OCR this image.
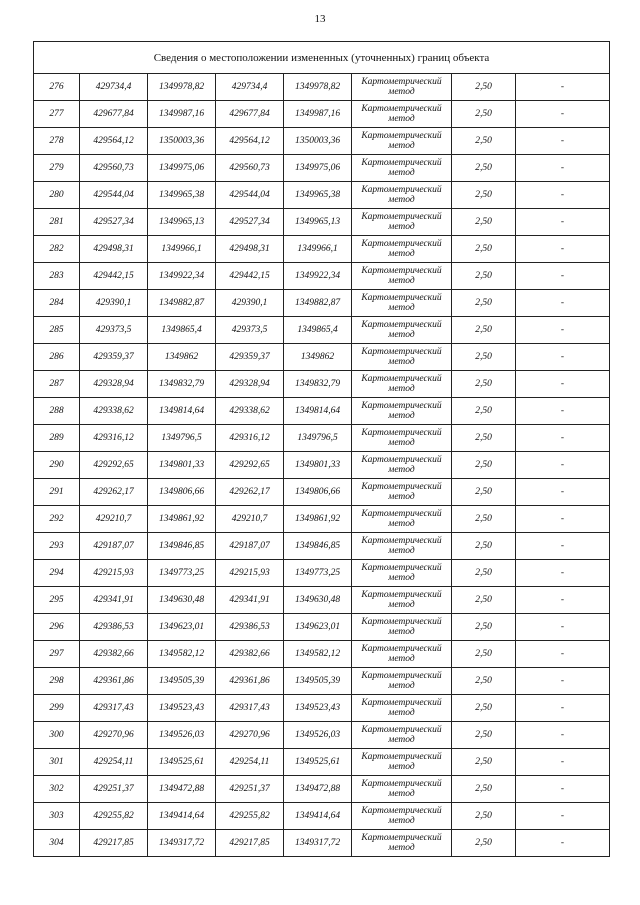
13
Сведения о местоположении измененных (уточненных) границ объекта							
276	429734,4	1349978,82	429734,4	1349978,82	Картометрический
метод	2,50	-
277	429677,84	1349987,16	429677,84	1349987,16	Картометрический
метод	2,50	-
278	429564,12	1350003,36	429564,12	1350003,36	Картометрический
метод	2,50	-
279	429560,73	1349975,06	429560,73	1349975,06	Картометрический
метод	2,50	-
280	429544,04	1349965,38	429544,04	1349965,38	Картометрический
метод	2,50	-
281	429527,34	1349965,13	429527,34	1349965,13	Картометрический
метод	2,50	-
282	429498,31	1349966,1	429498,31	1349966,1	Картометрический
метод	2,50	-
283	429442,15	1349922,34	429442,15	1349922,34	Картометрический
метод	2,50	-
284	429390,1	1349882,87	429390,1	1349882,87	Картометрический
метод	2,50	-
285	429373,5	1349865,4	429373,5	1349865,4	Картометрический
метод	2,50	-
286	429359,37	1349862	429359,37	1349862	Картометрический
метод	2,50	-
287	429328,94	1349832,79	429328,94	1349832,79	Картометрический
метод	2,50	-
288	429338,62	1349814,64	429338,62	1349814,64	Картометрический
метод	2,50	-
289	429316,12	1349796,5	429316,12	1349796,5	Картометрический
метод	2,50	-
290	429292,65	1349801,33	429292,65	1349801,33	Картометрический
метод	2,50	-
291	429262,17	1349806,66	429262,17	1349806,66	Картометрический
метод	2,50	-
292	429210,7	1349861,92	429210,7	1349861,92	Картометрический
метод	2,50	-
293	429187,07	1349846,85	429187,07	1349846,85	Картометрический
метод	2,50	-
294	429215,93	1349773,25	429215,93	1349773,25	Картометрический
метод	2,50	-
295	429341,91	1349630,48	429341,91	1349630,48	Картометрический
метод	2,50	-
296	429386,53	1349623,01	429386,53	1349623,01	Картометрический
метод	2,50	-
297	429382,66	1349582,12	429382,66	1349582,12	Картометрический
метод	2,50	-
298	429361,86	1349505,39	429361,86	1349505,39	Картометрический
метод	2,50	-
299	429317,43	1349523,43	429317,43	1349523,43	Картометрический
метод	2,50	-
300	429270,96	1349526,03	429270,96	1349526,03	Картометрический
метод	2,50	-
301	429254,11	1349525,61	429254,11	1349525,61	Картометрический
метод	2,50	-
302	429251,37	1349472,88	429251,37	1349472,88	Картометрический
метод	2,50	-
303	429255,82	1349414,64	429255,82	1349414,64	Картометрический
метод	2,50	-
304	429217,85	1349317,72	429217,85	1349317,72	Картометрический
метод	2,50	-
